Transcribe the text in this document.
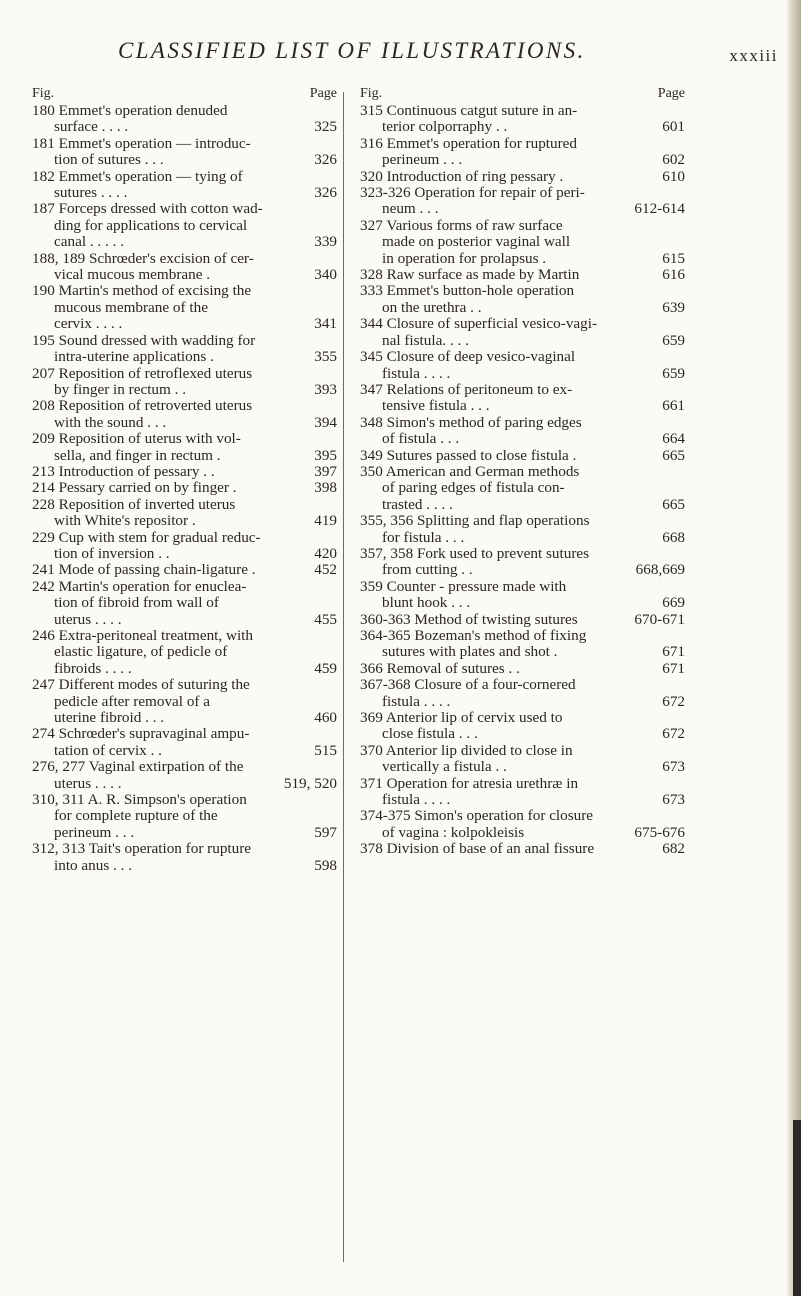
CLASSIFIED LIST OF ILLUSTRATIONS.	xxxiii
Fig.	Page
180 Emmet's operation denuded
surface . . . .	325
181 Emmet's operation — introduc-
tion of sutures . . .	326
182 Emmet's operation — tying of
sutures . . . .	326
187 Forceps dressed with cotton wad-
ding for applications to cervical
canal . . . . .	339
188, 189 Schrœder's excision of cer-
vical mucous membrane .	340
190 Martin's method of excising the
mucous membrane of the
cervix . . . .	341
195 Sound dressed with wadding for
intra-uterine applications .	355
207 Reposition of retroflexed uterus
by finger in rectum . .	393
208 Reposition of retroverted uterus
with the sound . . .	394
209 Reposition of uterus with vol-
sella, and finger in rectum .	395
213 Introduction of pessary . .	397
214 Pessary carried on by finger .	398
228 Reposition of inverted uterus
with White's repositor .	419
229 Cup with stem for gradual reduc-
tion of inversion . .	420
241 Mode of passing chain-ligature .	452
242 Martin's operation for enuclea-
tion of fibroid from wall of
uterus . . . .	455
246 Extra-peritoneal treatment, with
elastic ligature, of pedicle of
fibroids . . . .	459
247 Different modes of suturing the
pedicle after removal of a
uterine fibroid . . .	460
274 Schrœder's supravaginal ampu-
tation of cervix . .	515
276, 277 Vaginal extirpation of the
uterus . . . .	519, 520
310, 311 A. R. Simpson's operation
for complete rupture of the
perineum . . .	597
312, 313 Tait's operation for rupture
into anus . . .	598
Fig.	Page
315 Continuous catgut suture in an-
terior colporraphy . .	601
316 Emmet's operation for ruptured
perineum . . .	602
320 Introduction of ring pessary .	610
323-326 Operation for repair of peri-
neum . . .	612-614
327 Various forms of raw surface
made on posterior vaginal wall
in operation for prolapsus .	615
328 Raw surface as made by Martin	616
333 Emmet's button-hole operation
on the urethra . .	639
344 Closure of superficial vesico-vagi-
nal fistula. . . .	659
345 Closure of deep vesico-vaginal
fistula . . . .	659
347 Relations of peritoneum to ex-
tensive fistula . . .	661
348 Simon's method of paring edges
of fistula . . .	664
349 Sutures passed to close fistula .	665
350 American and German methods
of paring edges of fistula con-
trasted . . . .	665
355, 356 Splitting and flap operations
for fistula . . .	668
357, 358 Fork used to prevent sutures
from cutting . .	668,669
359 Counter - pressure made with
blunt hook . . .	669
360-363 Method of twisting sutures	670-671
364-365 Bozeman's method of fixing
sutures with plates and shot .	671
366 Removal of sutures . .	671
367-368 Closure of a four-cornered
fistula . . . .	672
369 Anterior lip of cervix used to
close fistula . . .	672
370 Anterior lip divided to close in
vertically a fistula . .	673
371 Operation for atresia urethræ in
fistula . . . .	673
374-375 Simon's operation for closure
of vagina : kolpokleisis	675-676
378 Division of base of an anal fissure	682
